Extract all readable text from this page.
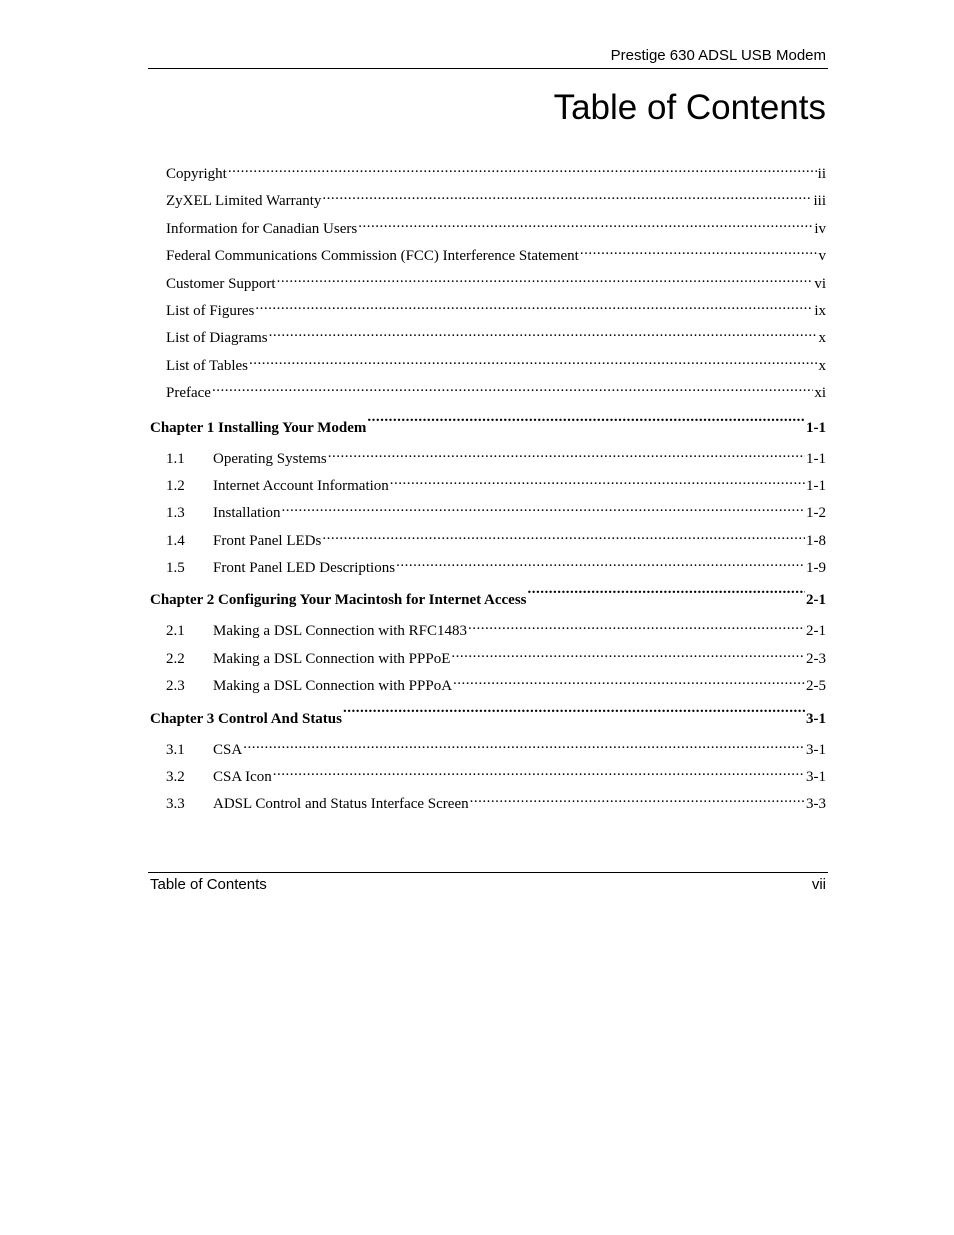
Prestige 630 ADSL USB Modem
Table of Contents
Copyright .....	ii
ZyXEL Limited Warranty .....	iii
Information for Canadian Users .....	iv
Federal Communications Commission (FCC) Interference Statement .....	v
Customer Support .....	vi
List of Figures .....	ix
List of Diagrams .....	x
List of Tables .....	x
Preface .....	xi
Chapter 1 Installing Your Modem .....	1-1
1.1	Operating Systems .....	1-1
1.2	Internet Account Information .....	1-1
1.3	Installation .....	1-2
1.4	Front Panel LEDs .....	1-8
1.5	Front Panel LED Descriptions .....	1-9
Chapter 2 Configuring Your Macintosh for Internet Access .....	2-1
2.1	Making a DSL Connection with RFC1483 .....	2-1
2.2	Making a DSL Connection with PPPoE .....	2-3
2.3	Making a DSL Connection with PPPoA .....	2-5
Chapter 3 Control And Status .....	3-1
3.1	CSA .....	3-1
3.2	CSA Icon .....	3-1
3.3	ADSL Control and Status Interface Screen .....	3-3
Table of Contents	vii
